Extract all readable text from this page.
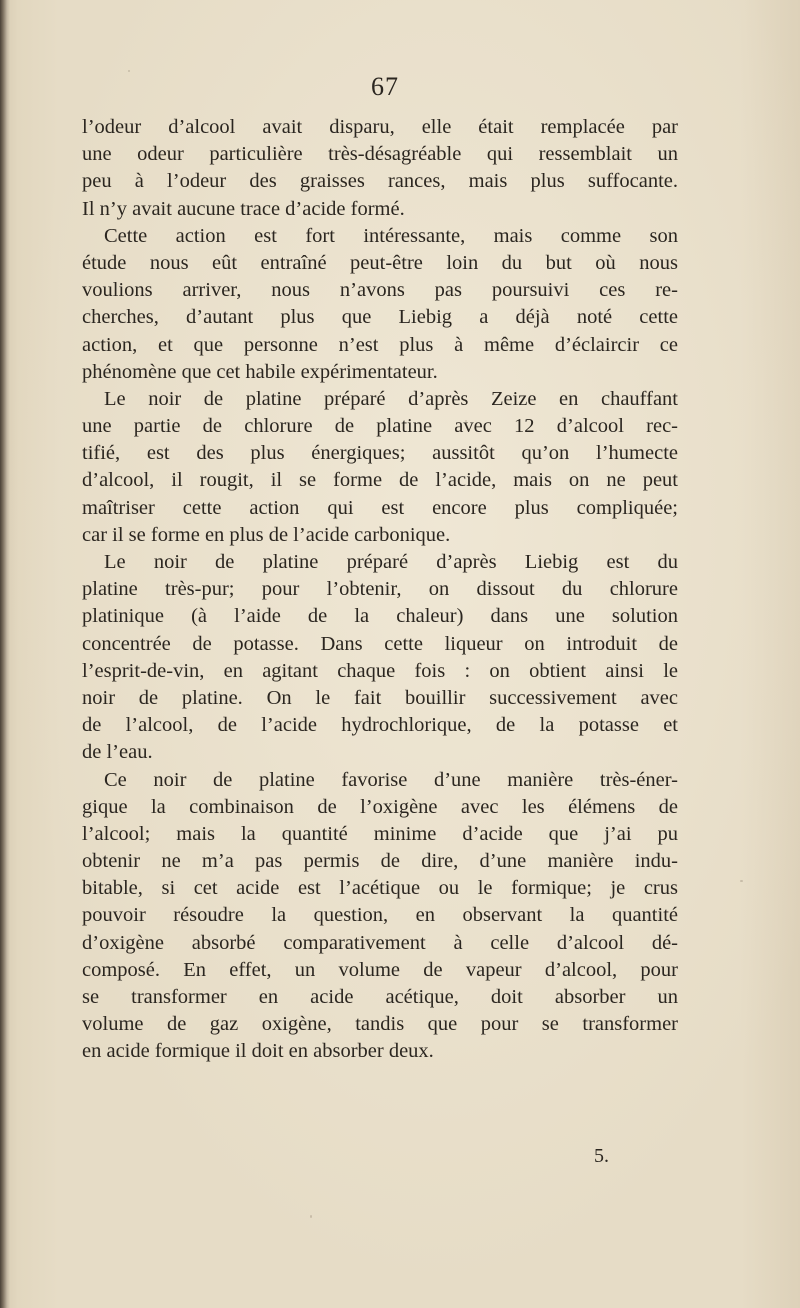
67
l’odeur d’alcool avait disparu, elle était remplacée par
une odeur particulière très-désagréable qui ressemblait un
peu à l’odeur des graisses rances, mais plus suffocante.
Il n’y avait aucune trace d’acide formé.
Cette action est fort intéressante, mais comme son
étude nous eût entraîné peut-être loin du but où nous
voulions arriver, nous n’avons pas poursuivi ces re-
cherches, d’autant plus que Liebig a déjà noté cette
action, et que personne n’est plus à même d’éclaircir ce
phénomène que cet habile expérimentateur.
Le noir de platine préparé d’après Zeize en chauffant
une partie de chlorure de platine avec 12 d’alcool rec-
tifié, est des plus énergiques; aussitôt qu’on l’humecte
d’alcool, il rougit, il se forme de l’acide, mais on ne peut
maîtriser cette action qui est encore plus compliquée;
car il se forme en plus de l’acide carbonique.
Le noir de platine préparé d’après Liebig est du
platine très-pur; pour l’obtenir, on dissout du chlorure
platinique (à l’aide de la chaleur) dans une solution
concentrée de potasse. Dans cette liqueur on introduit de
l’esprit-de-vin, en agitant chaque fois : on obtient ainsi le
noir de platine. On le fait bouillir successivement avec
de l’alcool, de l’acide hydrochlorique, de la potasse et
de l’eau.
Ce noir de platine favorise d’une manière très-éner-
gique la combinaison de l’oxigène avec les élémens de
l’alcool; mais la quantité minime d’acide que j’ai pu
obtenir ne m’a pas permis de dire, d’une manière indu-
bitable, si cet acide est l’acétique ou le formique; je crus
pouvoir résoudre la question, en observant la quantité
d’oxigène absorbé comparativement à celle d’alcool dé-
composé. En effet, un volume de vapeur d’alcool, pour
se transformer en acide acétique, doit absorber un
volume de gaz oxigène, tandis que pour se transformer
en acide formique il doit en absorber deux.
5.
